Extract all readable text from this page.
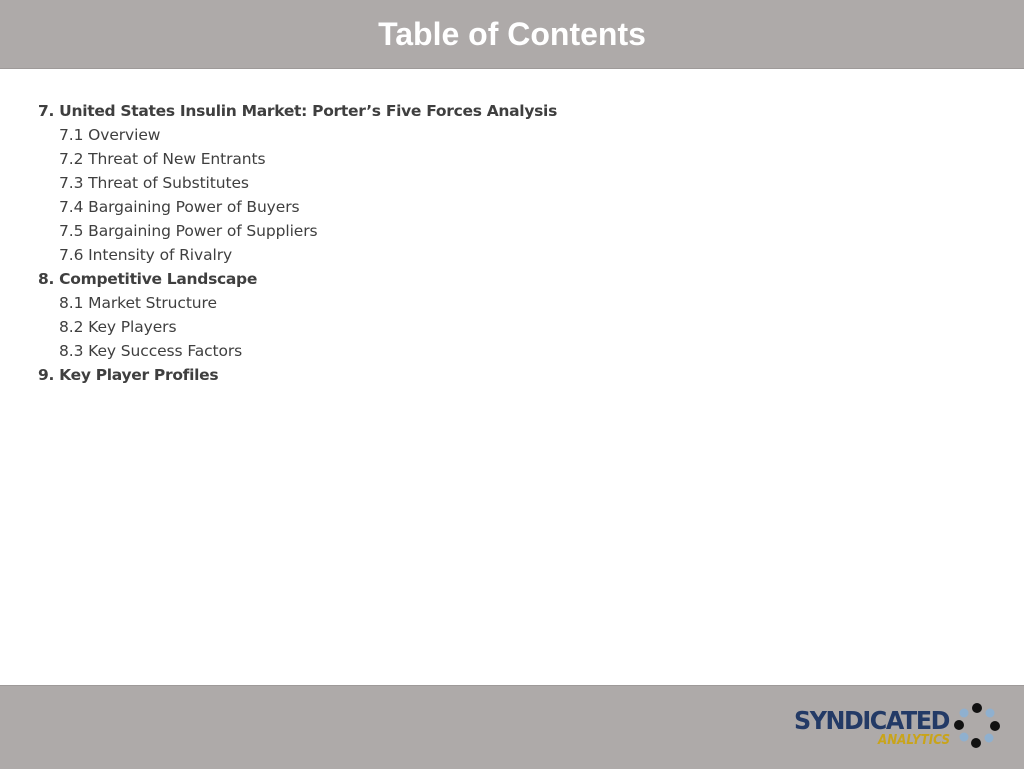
Table of Contents
7. United States Insulin Market: Porter’s Five Forces Analysis
7.1 Overview
7.2 Threat of New Entrants
7.3 Threat of Substitutes
7.4 Bargaining Power of Buyers
7.5 Bargaining Power of Suppliers
7.6 Intensity of Rivalry
8. Competitive Landscape
8.1 Market Structure
8.2 Key Players
8.3 Key Success Factors
9. Key Player Profiles
SYNDICATED
ANALYTICS
